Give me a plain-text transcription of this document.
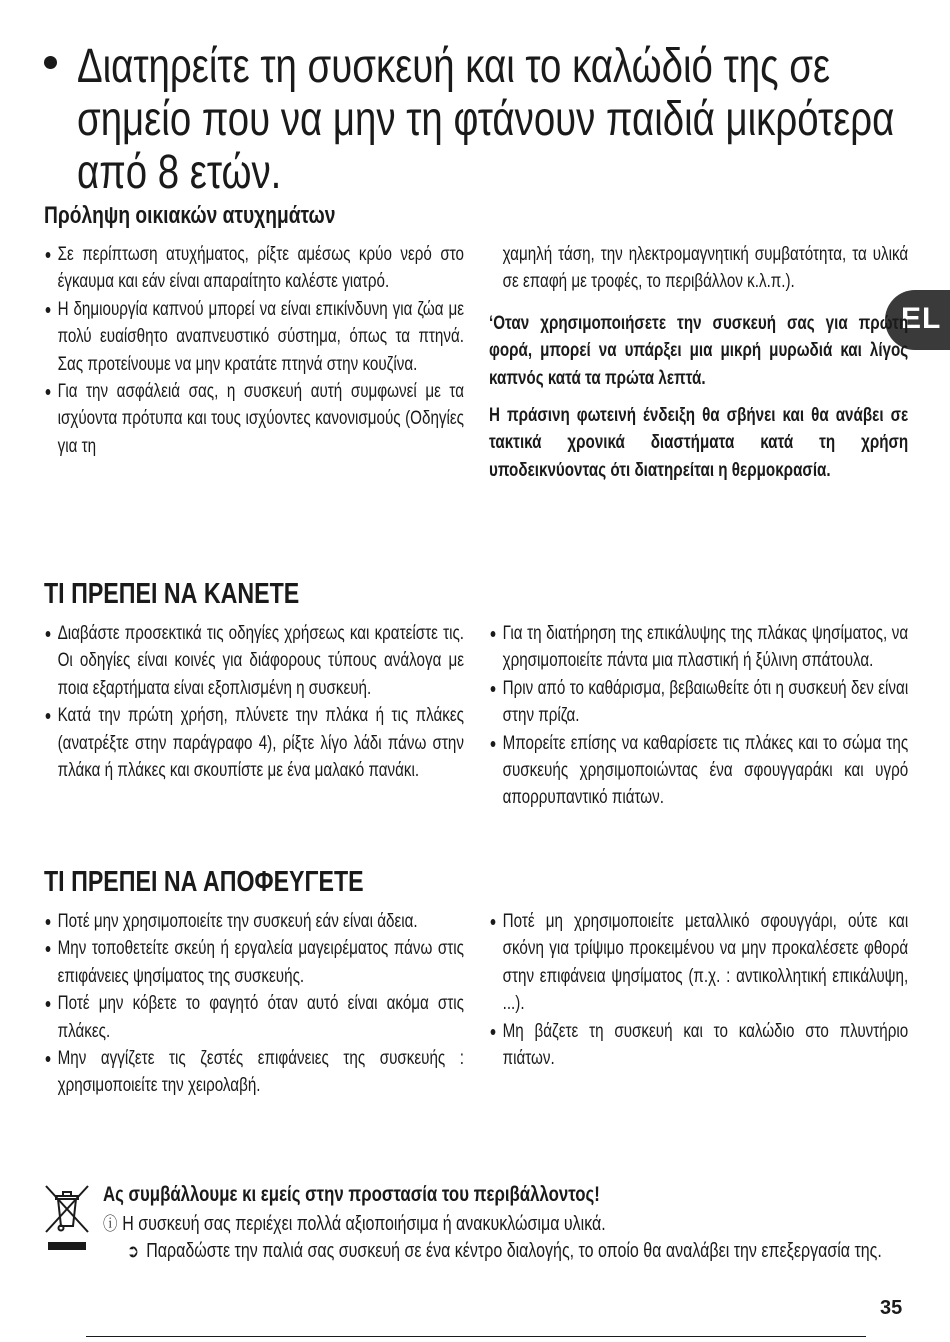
Διατηρείτε τη συσκευή και το καλώδιό της σε σημείο που να μην τη φτάνουν παιδιά μικρότερα από 8 ετών.
EL
Πρόληψη οικιακών ατυχημάτων
Σε περίπτωση ατυχήματος, ρίξτε αμέσως κρύο νερό στο έγκαυμα και εάν είναι απαραίτητο καλέστε γιατρό.
Η δημιουργία καπνού μπορεί να είναι επικίνδυνη για ζώα με πολύ ευαίσθητο αναπνευστικό σύστημα, όπως τα πτηνά. Σας προτείνουμε να μην κρατάτε πτηνά στην κουζίνα.
Για την ασφάλειά σας, η συσκευή αυτή συμφωνεί με τα ισχύοντα πρότυπα και τους ισχύοντες κανονισμούς (Οδηγίες για τη
χαμηλή τάση, την ηλεκτρομαγνητική συμβατότητα, τα υλικά σε επαφή με τροφές, το περιβάλλον κ.λ.π.).
‘Οταν χρησιμοποιήσετε την συσκευή σας για πρώτη φορά, μπορεί να υπάρξει μια μικρή μυρωδιά και λίγος καπνός κατά τα πρώτα λεπτά.
Η πράσινη φωτεινή ένδειξη θα σβήνει και θα ανάβει σε τακτικά χρονικά διαστήματα κατά τη χρήση υποδεικνύοντας ότι διατηρείται η θερμοκρασία.
ΤΙ ΠΡΕΠΕΙ ΝΑ ΚΑΝΕΤΕ
Διαβάστε προσεκτικά τις οδηγίες χρήσεως και κρατείστε τις. Οι οδηγίες είναι κοινές για διάφορους τύπους ανάλογα με ποια εξαρτήματα είναι εξοπλισμένη η συσκευή.
Κατά την πρώτη χρήση, πλύνετε την πλάκα ή τις πλάκες (ανατρέξτε στην παράγραφο 4), ρίξτε λίγο λάδι πάνω στην πλάκα ή πλάκες και σκουπίστε με ένα μαλακό πανάκι.
Για τη διατήρηση της επικάλυψης της πλάκας ψησίματος, να χρησιμοποιείτε πάντα μια πλαστική ή ξύλινη σπάτουλα.
Πριν από το καθάρισμα, βεβαιωθείτε ότι η συσκευή δεν είναι στην πρίζα.
Μπορείτε επίσης να καθαρίσετε τις πλάκες και το σώμα της συσκευής χρησιμοποιώντας ένα σφουγγαράκι και υγρό απορρυπαντικό πιάτων.
ΤΙ ΠΡΕΠΕΙ ΝΑ ΑΠΟΦΕΥΓΕΤΕ
Ποτέ μην χρησιμοποιείτε την συσκευή εάν είναι άδεια.
Μην τοποθετείτε σκεύη ή εργαλεία μαγειρέματος πάνω στις επιφάνειες ψησίματος της συσκευής.
Ποτέ μην κόβετε το φαγητό όταν αυτό είναι ακόμα στις πλάκες.
Μην αγγίζετε τις ζεστές επιφάνειες της συσκευής : χρησιμοποιείτε την χειρολαβή.
Ποτέ μη χρησιμοποιείτε μεταλλικό σφουγγάρι, ούτε και σκόνη για τρίψιμο προκειμένου να μην προκαλέσετε φθορά στην επιφάνεια ψησίματος (π.χ. : αντικολλητική επικάλυψη, ...).
Μη βάζετε τη συσκευή και το καλώδιο στο πλυντήριο πιάτων.
Ας συμβάλλουμε κι εμείς στην προστασία του περιβάλλοντος!
ⓘ Η συσκευή σας περιέχει πολλά αξιοποιήσιμα ή ανακυκλώσιμα υλικά.
➲ Παραδώστε την παλιά σας συσκευή σε ένα κέντρο διαλογής, το οποίο θα αναλάβει την επεξεργασία της.
35
